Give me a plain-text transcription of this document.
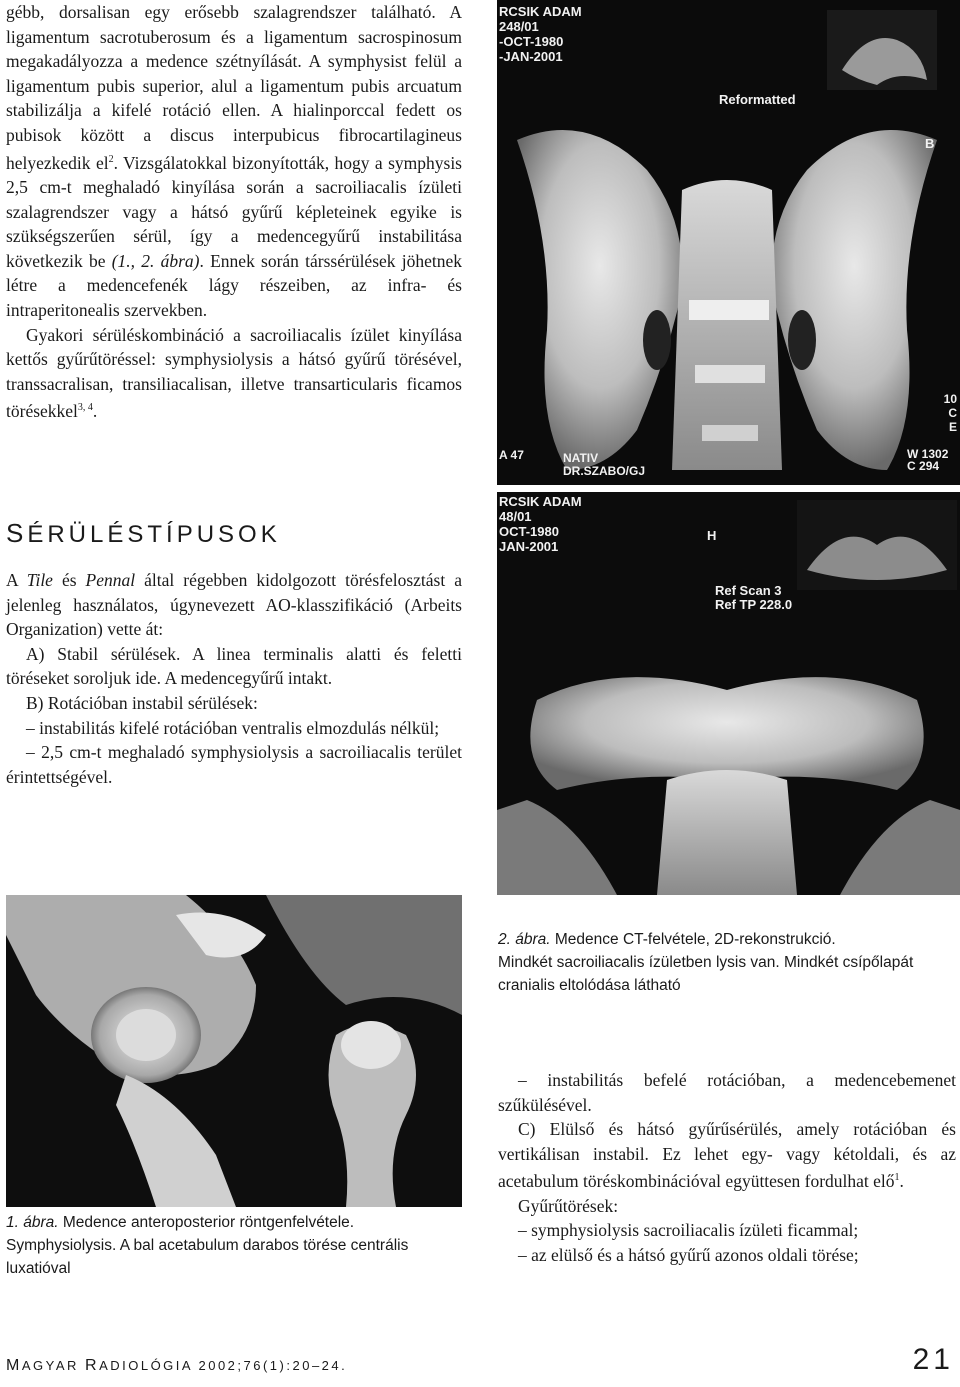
gébb, dorsalisan egy erősebb szalagrendszer található. A ligamentum sacrotuberosum és a ligamentum sacrospinosum megakadályozza a medence szétnyílását. A symphysist felül a ligamentum pubis superior, alul a ligamentum pubis arcuatum stabilizálja a kifelé rotáció ellen. A hialinporccal fedett os pubisok között a discus interpubicus fibrocartilagineus helyezkedik $el^2$. Vizsgálatokkal bizonyították, hogy a symphysis 2,5 cm-t meghaladó kinyílása során a sacroiliacalis ízületi szalagrendszer vagy a hátsó gyűrű képleteinek egyike is szükségszerűen sérül, így a medencegyűrű instabilitása következik be (1., 2. ábra). Ennek során társsérülések jöhetnek létre a medencefenék lágy részeiben, az infra- és intraperitonealis szervekben.

Gyakori sérüléskombináció a sacroiliacalis ízület kinyílása kettős gyűrűtöréssel: symphysiolysis a hátsó gyűrű törésével, transsacralisan, transiliacalisan, illetve transarticularis ficamos törésekkel$^{3, 4}$.

SÉRÜLÉSTÍPUSOK

A Tile és Pennal által régebben kidolgozott törésfelosztást a jelenleg használatos, úgynevezett AO-klasszifikáció (Arbeits Organization) vette át:

A) Stabil sérülések. A linea terminalis alatti és feletti töréseket soroljuk ide. A medencegyűrű intakt.

B) Rotációban instabil sérülések:

– instabilitás kifelé rotációban ventralis elmozdulás nélkül;

– 2,5 cm-t meghaladó symphysiolysis a sacroiliacalis terület érintettségével.

RCSIK ADAM
248/01
-OCT-1980
-JAN-2001
Reformatted
B
A 47	NATIV
DR.SZABO/GJ
10
C
E
W 1302
C 294
RCSIK ADAM
48/01
OCT-1980
JAN-2001
H
Ref Scan 3
Ref TP 228.0
1. ábra. Medence anteroposterior röntgenfelvétele.
Symphysiolysis. A bal acetabulum darabos törése centrális luxatióval
2. ábra. Medence CT-felvétele, 2D-rekonstrukció.
Mindkét sacroiliacalis ízületben lysis van. Mindkét csípőlapát cranialis eltolódása látható

– instabilitás befelé rotációban, a medencebemenet szűkülésével.

C) Elülső és hátsó gyűrűsérülés, amely rotációban és vertikálisan instabil. Ez lehet egy- vagy kétoldali, és az acetabulum töréskombinációval együttesen fordulhat elő$^1$.

Gyűrűtörések:

– symphysiolysis sacroiliacalis ízületi ficammal;

– az elülső és a hátsó gyűrű azonos oldali törése;

MAGYAR RADIOLÓGIA 2002;76(1):20–24.	21
